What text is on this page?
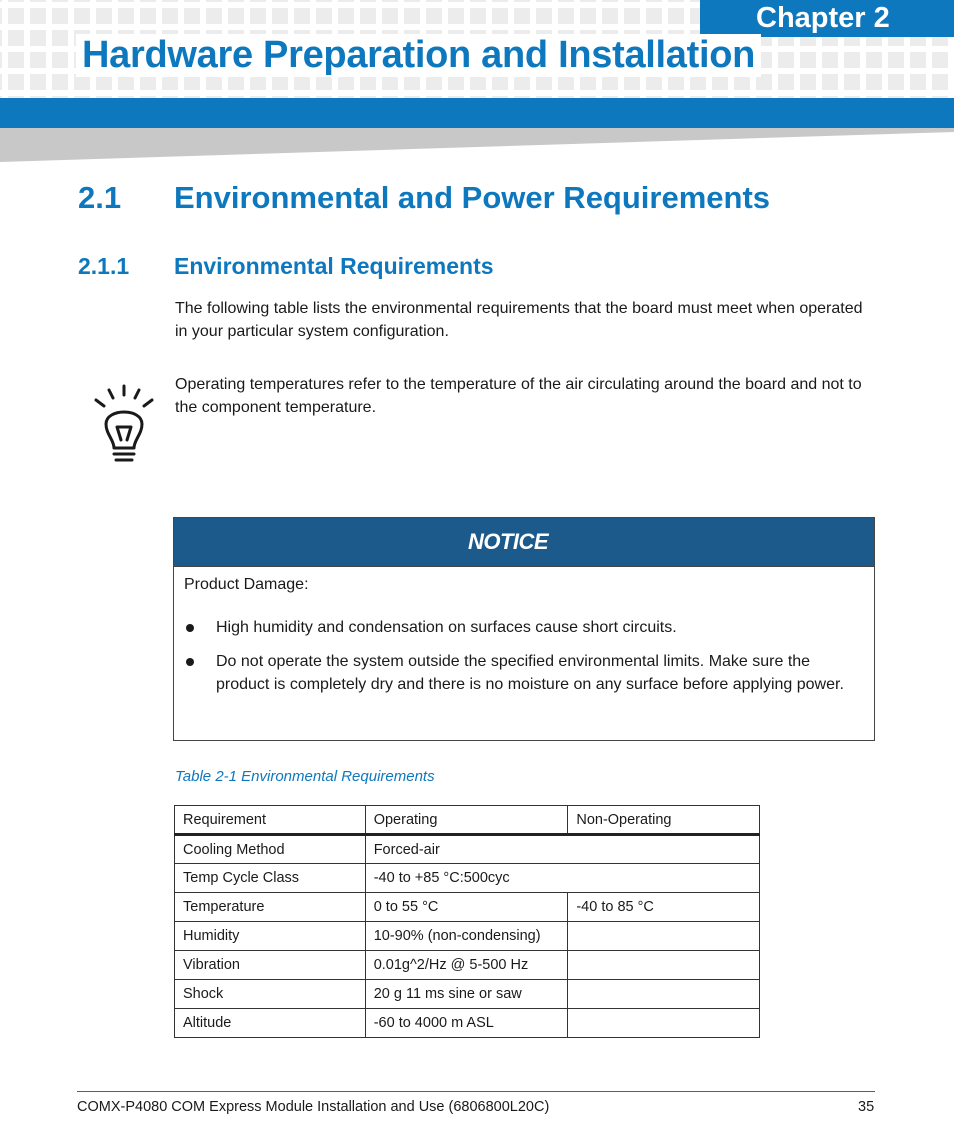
Chapter 2
Hardware Preparation and Installation
2.1 Environmental and Power Requirements
2.1.1 Environmental Requirements

The following table lists the environmental requirements that the board must meet when operated in your particular system configuration.

Operating temperatures refer to the temperature of the air circulating around the board and not to the component temperature.

NOTICE
Product Damage:
High humidity and condensation on surfaces cause short circuits.
Do not operate the system outside the specified environmental limits. Make sure the product is completely dry and there is no moisture on any surface before applying power.

Table 2-1 Environmental Requirements

Requirement	Operating	Non-Operating
Cooling Method	Forced-air	
Temp Cycle Class	-40 to +85 °C:500cyc	
Temperature	0 to 55 °C	-40 to 85 °C
Humidity	10-90% (non-condensing)	
Vibration	0.01g^2/Hz @ 5-500 Hz	
Shock	20 g 11 ms sine or saw	
Altitude	-60 to 4000 m ASL	
COMX-P4080 COM Express Module Installation and Use (6806800L20C)	35
